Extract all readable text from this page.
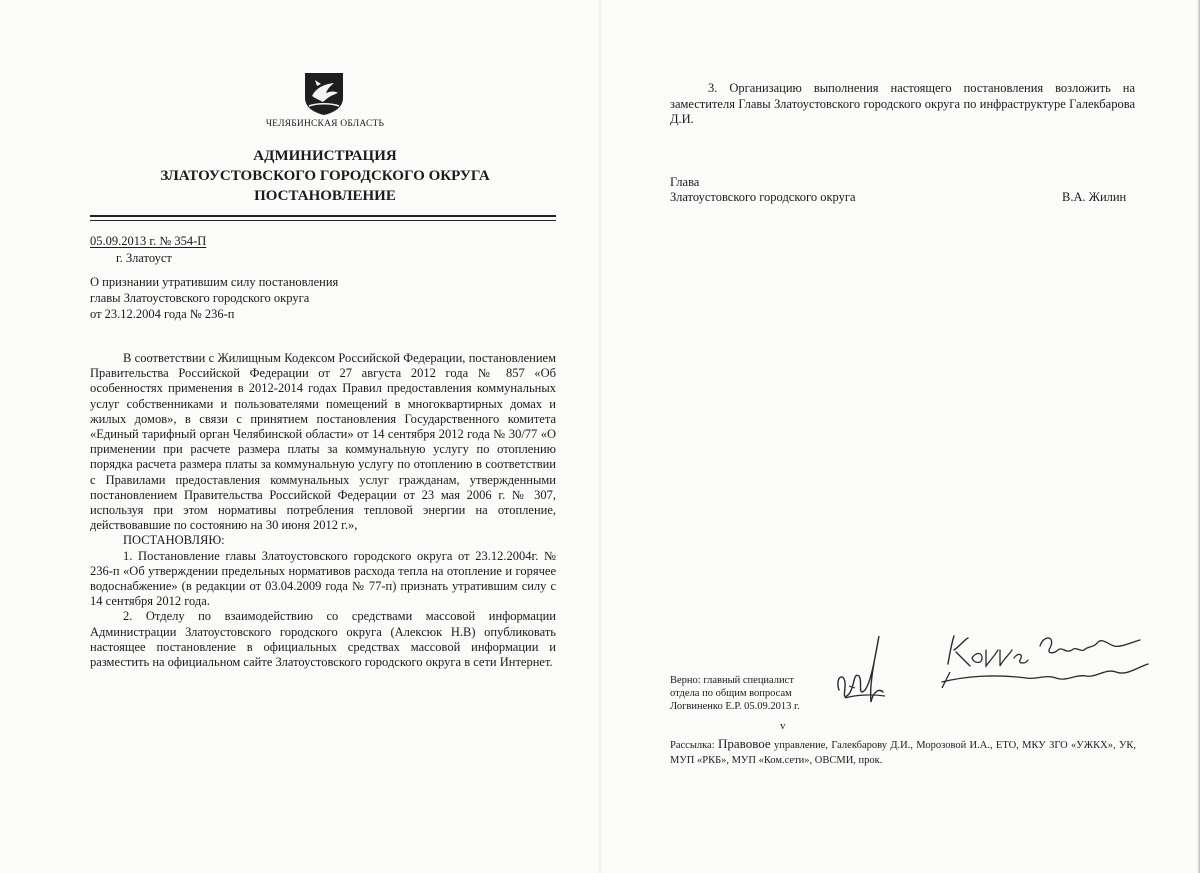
ЧЕЛЯБИНСКАЯ ОБЛАСТЬ
АДМИНИСТРАЦИЯ
ЗЛАТОУСТОВСКОГО ГОРОДСКОГО ОКРУГА
ПОСТАНОВЛЕНИЕ
05.09.2013 г. № 354-П
г. Златоуст
О признании утратившим силу постановления
главы Златоустовского городского округа
от 23.12.2004 года № 236-п

В соответствии с Жилищным Кодексом Российской Федерации, постановлением Правительства Российской Федерации от 27 августа 2012 года № 857 «Об особенностях применения в 2012-2014 годах Правил предоставления коммунальных услуг собственниками и пользователями помещений в многоквартирных домах и жилых домов», в связи с принятием постановления Государственного комитета «Единый тарифный орган Челябинской области» от 14 сентября 2012 года № 30/77 «О применении при расчете размера платы за коммунальную услугу по отоплению порядка расчета размера платы за коммунальную услугу по отоплению в соответствии с Правилами предоставления коммунальных услуг гражданам, утвержденными постановлением Правительства Российской Федерации от 23 мая 2006 г. № 307, используя при этом нормативы потребления тепловой энергии на отопление, действовавшие по состоянию на 30 июня 2012 г.»,

ПОСТАНОВЛЯЮ:

1. Постановление главы Златоустовского городского округа от 23.12.2004г. № 236-п «Об утверждении предельных нормативов расхода тепла на отопление и горячее водоснабжение» (в редакции от 03.04.2009 года № 77-п) признать утратившим силу с 14 сентября 2012 года.

2. Отделу по взаимодействию со средствами массовой информации Администрации Златоустовского городского округа (Алексюк Н.В) опубликовать настоящее постановление в официальных средствах массовой информации и разместить на официальном сайте Златоустовского городского округа в сети Интернет.

3. Организацию выполнения настоящего постановления возложить на заместителя Главы Златоустовского городского округа по инфраструктуре Галекбарова Д.И.

Глава
Златоустовского городского округа	В.А. Жилин
Верно: главный специалист
отдела по общим вопросам
Логвиненко Е.Р. 05.09.2013 г.
v
Рассылка: Правовое управление, Галекбарову Д.И., Морозовой И.А., ЕТО, МКУ ЗГО «УЖКХ», УК, МУП «РКБ», МУП «Ком.сети», ОВСМИ, прок.
